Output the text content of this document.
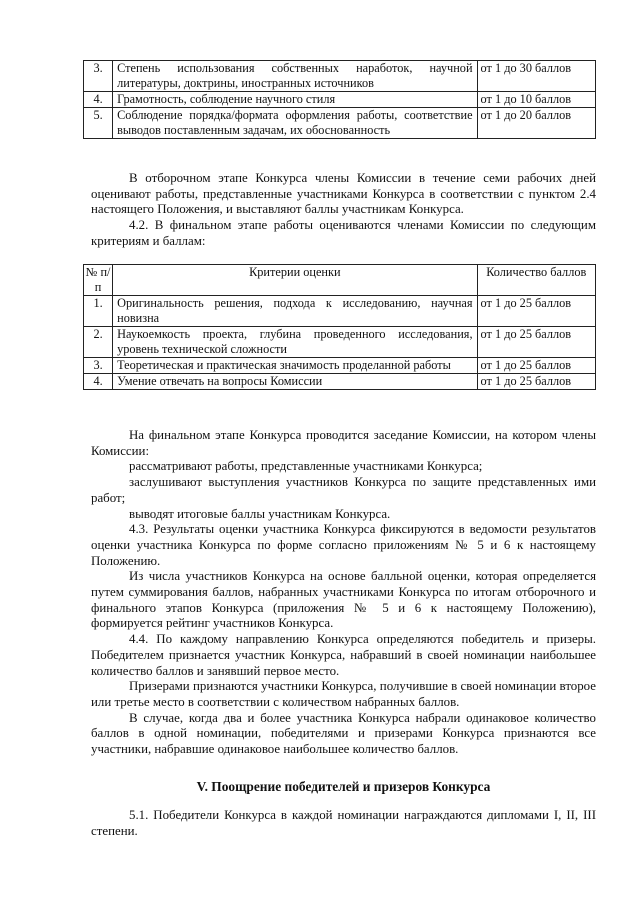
3.	Степень использования собственных наработок, научной литературы, доктрины, иностранных источников	от 1 до 30 баллов
4.	Грамотность, соблюдение научного стиля	от 1 до 10 баллов
5.	Соблюдение порядка/формата оформления работы, соответствие выводов поставленным задачам, их обоснованность	от 1 до 20 баллов

В отборочном этапе Конкурса члены Комиссии в течение семи рабочих дней оценивают работы, представленные участниками Конкурса в соответствии с пунктом 2.4 настоящего Положения, и выставляют баллы участникам Конкурса.

4.2. В финальном этапе работы оцениваются членами Комиссии по следующим критериям и баллам:

№ п/п	Критерии оценки	Количество баллов
1.	Оригинальность решения, подхода к исследованию, научная новизна	от 1 до 25 баллов
2.	Наукоемкость проекта, глубина проведенного исследования, уровень технической сложности	от 1 до 25 баллов
3.	Теоретическая и практическая значимость проделанной работы	от 1 до 25 баллов
4.	Умение отвечать на вопросы Комиссии	от 1 до 25 баллов

На финальном этапе Конкурса проводится заседание Комиссии, на котором члены Комиссии:

рассматривают работы, представленные участниками Конкурса;

заслушивают выступления участников Конкурса по защите представленных ими работ;

выводят итоговые баллы участникам Конкурса.

4.3. Результаты оценки участника Конкурса фиксируются в ведомости результатов оценки участника Конкурса по форме согласно приложениям № 5 и 6 к настоящему Положению.

Из числа участников Конкурса на основе балльной оценки, которая определяется путем суммирования баллов, набранных участниками Конкурса по итогам отборочного и финального этапов Конкурса (приложения № 5 и 6 к настоящему Положению), формируется рейтинг участников Конкурса.

4.4. По каждому направлению Конкурса определяются победитель и призеры. Победителем признается участник Конкурса, набравший в своей номинации наибольшее количество баллов и занявший первое место.

Призерами признаются участники Конкурса, получившие в своей номинации второе или третье место в соответствии с количеством набранных баллов.

В случае, когда два и более участника Конкурса набрали одинаковое количество баллов в одной номинации, победителями и призерами Конкурса признаются все участники, набравшие одинаковое наибольшее количество баллов.

V. Поощрение победителей и призеров Конкурса

5.1. Победители Конкурса в каждой номинации награждаются дипломами I, II, III степени.
